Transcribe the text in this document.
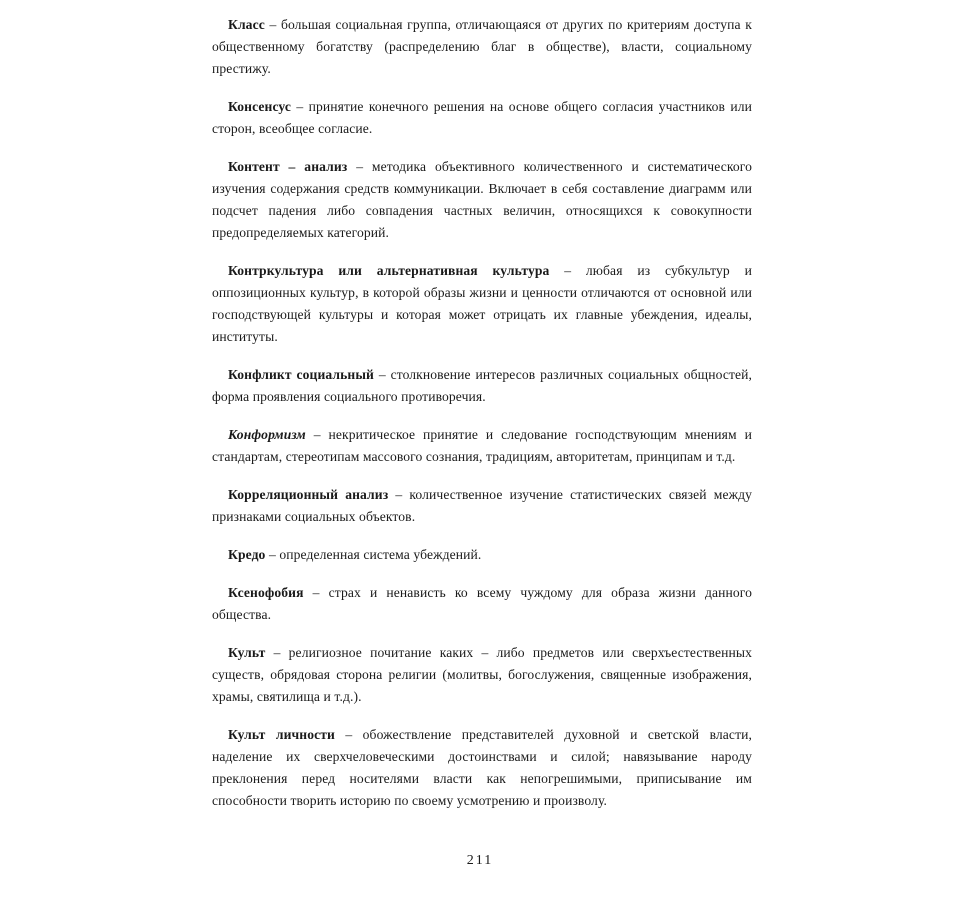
Класс – большая социальная группа, отличающаяся от других по критериям доступа к общественному богатству (распределению благ в обществе), власти, социальному престижу.

Консенсус – принятие конечного решения на основе общего согласия участников или сторон, всеобщее согласие.

Контент – анализ – методика объективного количественного и систематического изучения содержания средств коммуникации. Включает в себя составление диаграмм или подсчет падения либо совпадения частных величин, относящихся к совокупности предопределяемых категорий.

Контркультура или альтернативная культура – любая из субкультур и оппозиционных культур, в которой образы жизни и ценности отличаются от основной или господствующей культуры и которая может отрицать их главные убеждения, идеалы, институты.

Конфликт социальный – столкновение интересов различных социальных общностей, форма проявления социального противоречия.

Конформизм – некритическое принятие и следование господствующим мнениям и стандартам, стереотипам массового сознания, традициям, авторитетам, принципам и т.д.

Корреляционный анализ – количественное изучение статистических связей между признаками социальных объектов.

Кредо – определенная система убеждений.

Ксенофобия – страх и ненависть ко всему чуждому для образа жизни данного общества.

Культ – религиозное почитание каких – либо предметов или сверхъестественных существ, обрядовая сторона религии (молитвы, богослужения, священные изображения, храмы, святилища и т.д.).

Культ личности – обожествление представителей духовной и светской власти, наделение их сверхчеловеческими достоинствами и силой; навязывание народу преклонения перед носителями власти как непогрешимыми, приписывание им способности творить историю по своему усмотрению и произволу.

211
